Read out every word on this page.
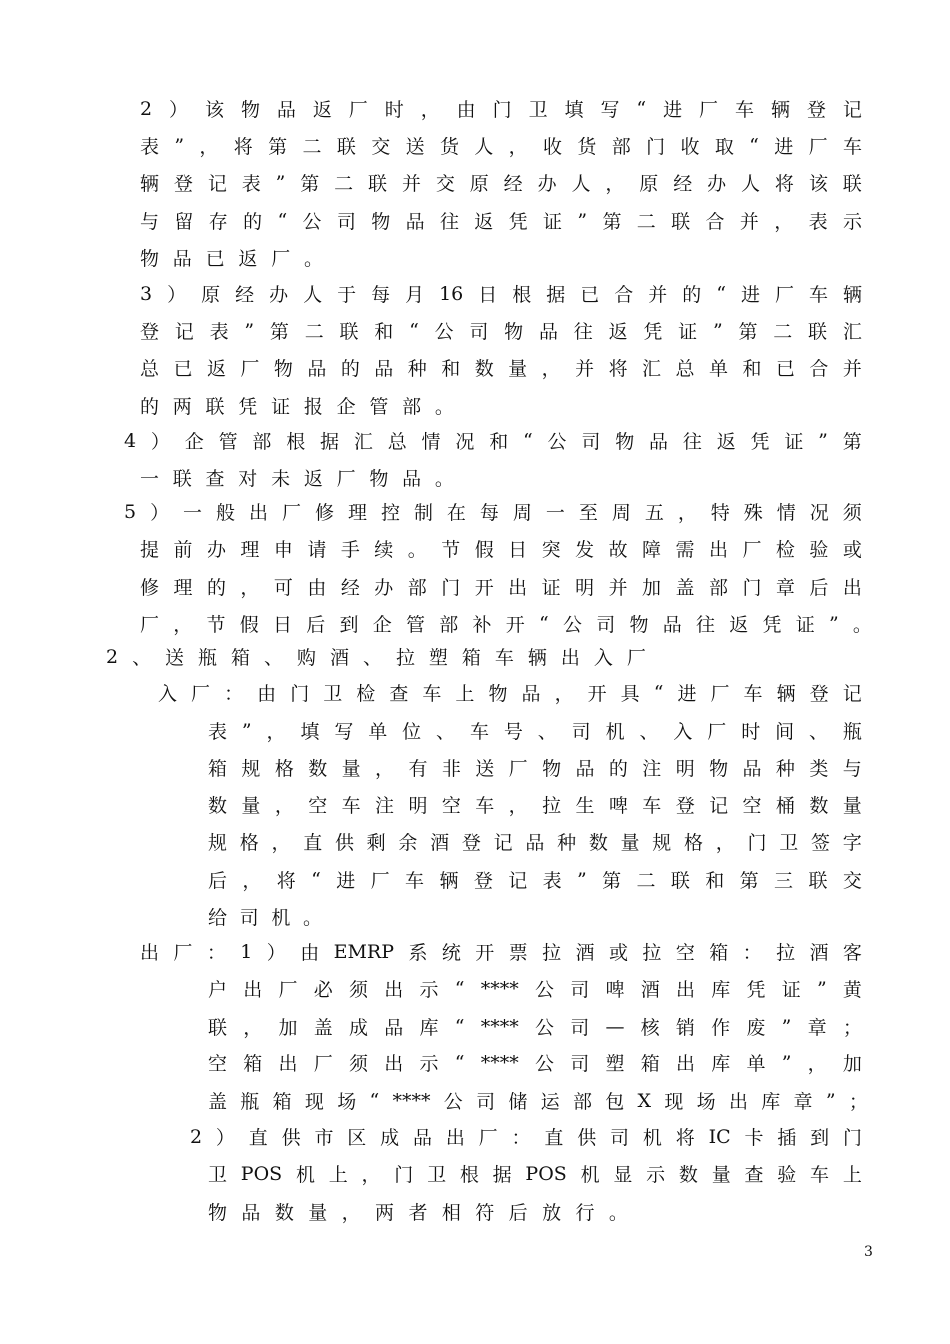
2 ） 该 物 品 返 厂 时 ， 由 门 卫 填 写 “ 进 厂 车 辆 登 记
表 ” ， 将 第 二 联 交 送 货 人 ， 收 货 部 门 收 取 “ 进 厂 车
辆 登 记 表 ” 第 二 联 并 交 原 经 办 人 ， 原 经 办 人 将 该 联
与 留 存 的 “ 公 司 物 品 往 返 凭 证 ” 第 二 联 合 并 ， 表 示
物 品 已 返 厂 。
3 ） 原 经 办 人 于 每 月 16 日 根 据 已 合 并 的 “ 进 厂 车 辆
登 记 表 ” 第 二 联 和 “ 公 司 物 品 往 返 凭 证 ” 第 二 联 汇
总 已 返 厂 物 品 的 品 种 和 数 量 ， 并 将 汇 总 单 和 已 合 并
的 两 联 凭 证 报 企 管 部 。
4 ） 企 管 部 根 据 汇 总 情 况 和 “ 公 司 物 品 往 返 凭 证 ” 第
一 联 查 对 未 返 厂 物 品 。
5 ） 一 般 出 厂 修 理 控 制 在 每 周 一 至 周 五 ， 特 殊 情 况 须
提 前 办 理 申 请 手 续 。 节 假 日 突 发 故 障 需 出 厂 检 验 或
修 理 的 ， 可 由 经 办 部 门 开 出 证 明 并 加 盖 部 门 章 后 出
厂 ， 节 假 日 后 到 企 管 部 补 开 “ 公 司 物 品 往 返 凭 证 ” 。
2 、 送 瓶 箱 、 购 酒 、 拉 塑 箱 车 辆 出 入 厂
入 厂 ： 由 门 卫 检 查 车 上 物 品 ， 开 具 “ 进 厂 车 辆 登 记
表 ” ， 填 写 单 位 、 车 号 、 司 机 、 入 厂 时 间 、 瓶
箱 规 格 数 量 ， 有 非 送 厂 物 品 的 注 明 物 品 种 类 与
数 量 ， 空 车 注 明 空 车 ， 拉 生 啤 车 登 记 空 桶 数 量
规 格 ， 直 供 剩 余 酒 登 记 品 种 数 量 规 格 ， 门 卫 签 字
后 ， 将 “ 进 厂 车 辆 登 记 表 ” 第 二 联 和 第 三 联 交
给 司 机 。
出 厂 ： 1 ） 由 EMRP 系 统 开 票 拉 酒 或 拉 空 箱 ： 拉 酒 客
户 出 厂 必 须 出 示 “ **** 公 司 啤 酒 出 库 凭 证 ” 黄
联 ， 加 盖 成 品 库 “ **** 公 司 — 核 销 作 废 ” 章 ；
空 箱 出 厂 须 出 示 “ **** 公 司 塑 箱 出 库 单 ” ， 加
盖 瓶 箱 现 场 “ **** 公 司 储 运 部 包 X 现 场 出 库 章 ” ；
2 ） 直 供 市 区 成 品 出 厂 ： 直 供 司 机 将 IC 卡 插 到 门
卫 POS 机 上 ， 门 卫 根 据 POS 机 显 示 数 量 查 验 车 上
物 品 数 量 ， 两 者 相 符 后 放 行 。
3
